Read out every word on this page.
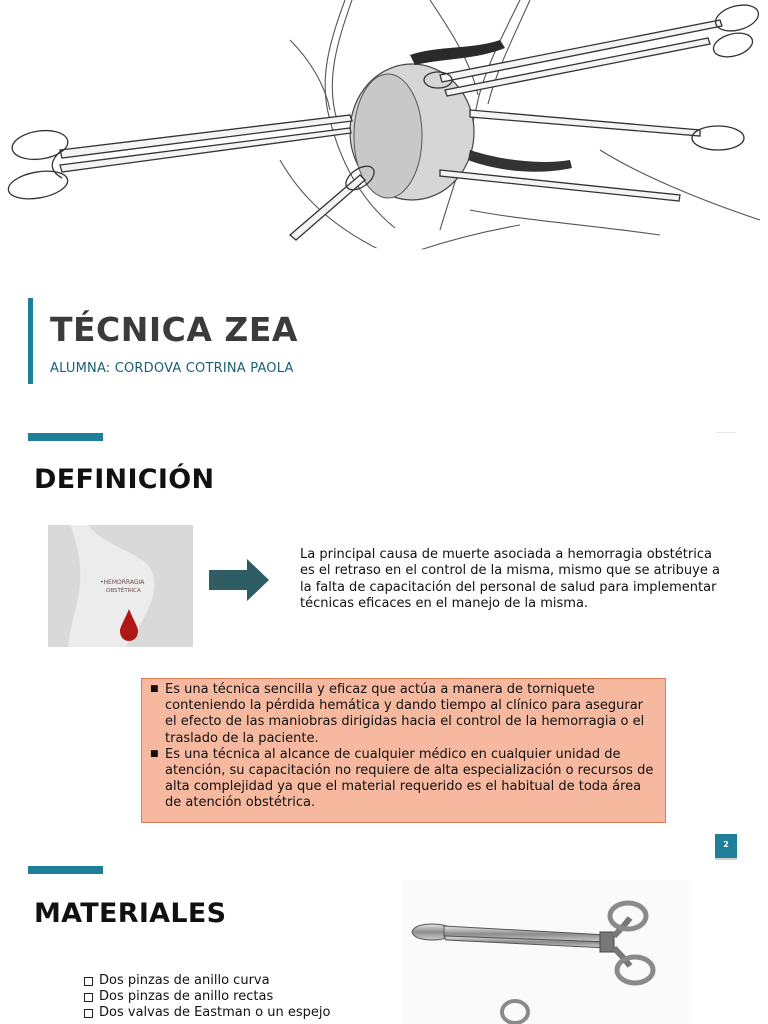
TÉCNICA ZEA
ALUMNA: CORDOVA COTRINA PAOLA
DEFINICIÓN
•HEMORRAGIA
OBSTÉTRICA

La principal causa de muerte asociada a hemorragia obstétrica es el retraso en el control de la misma, mismo que se atribuye a la falta de capacitación del personal de salud para implementar técnicas eficaces en el manejo de la misma.

■ Es una técnica sencilla y eficaz que actúa a manera de torniquete conteniendo la pérdida hemática y dando tiempo al clínico para asegurar el efecto de las maniobras dirigidas hacia el control de la hemorragia o el traslado de la paciente.
■ Es una técnica al alcance de cualquier médico en cualquier unidad de atención, su capacitación no requiere de alta especialización o recursos de alta complejidad ya que el material requerido es el habitual de toda área de atención obstétrica.
2
MATERIALES
Dos pinzas de anillo curva
Dos pinzas de anillo rectas
Dos valvas de Eastman o un espejo
